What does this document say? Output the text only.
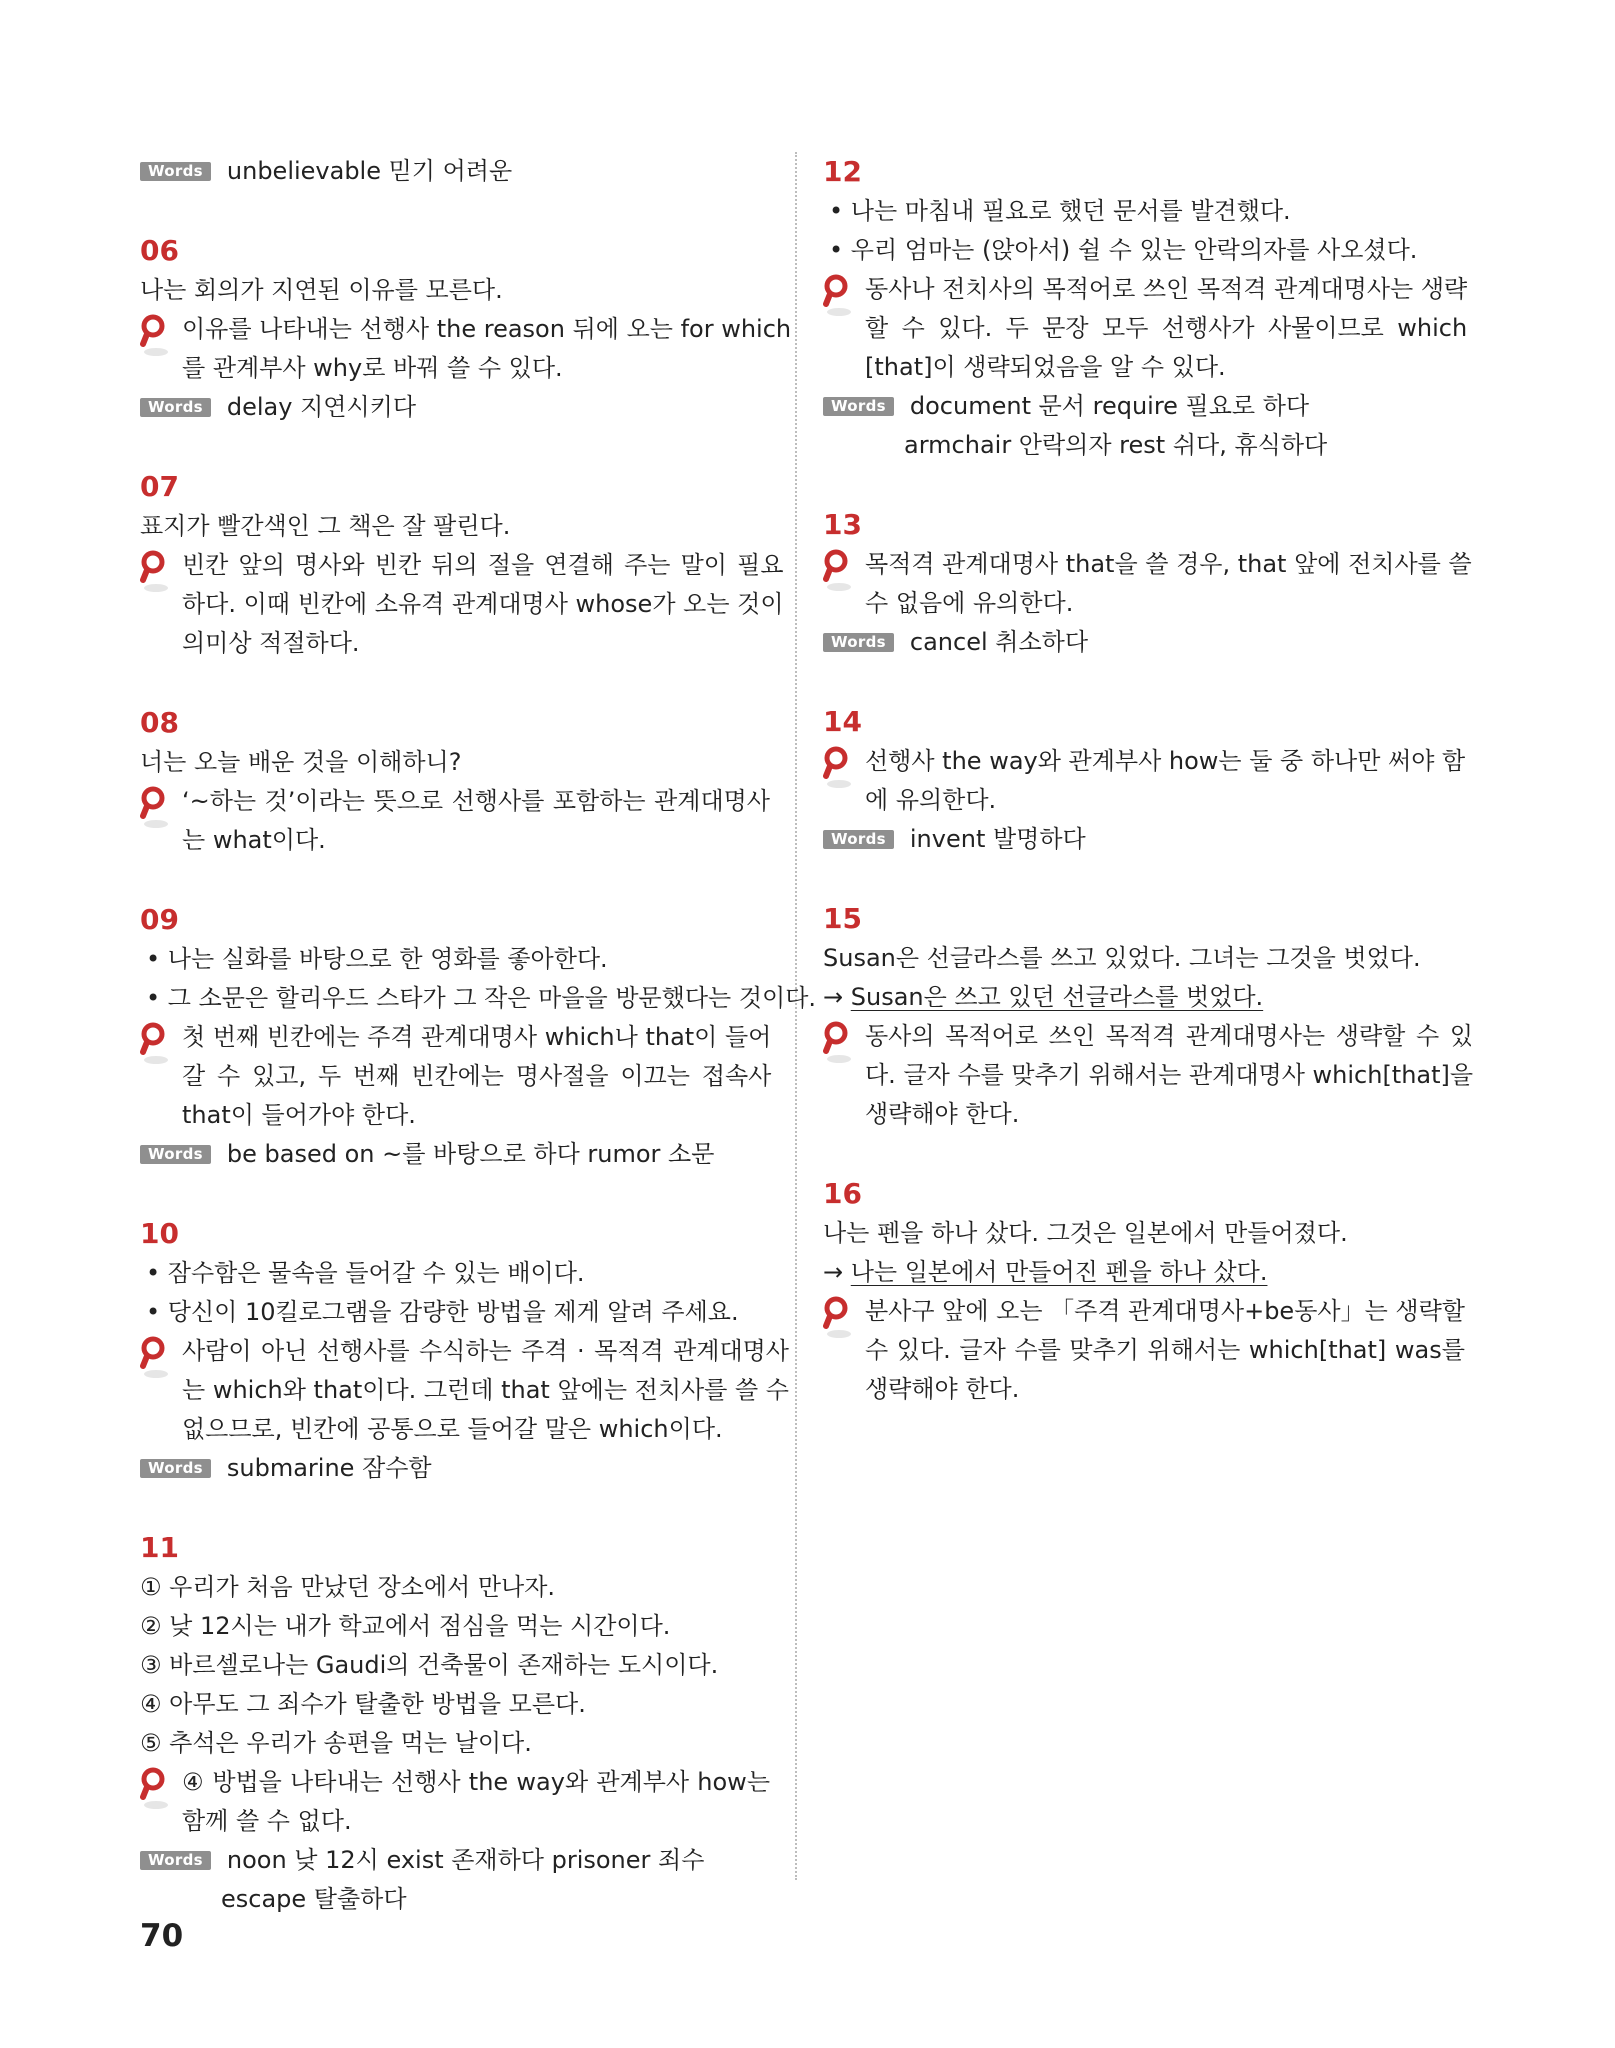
Words	unbelievable 믿기 어려운
06
나는 회의가 지연된 이유를 모른다.
이유를 나타내는 선행사 the reason 뒤에 오는 for which
를 관계부사 why로 바꿔 쓸 수 있다.
Words	delay 지연시키다
07
표지가 빨간색인 그 책은 잘 팔린다.
빈칸 앞의 명사와 빈칸 뒤의 절을 연결해 주는 말이 필요
하다. 이때 빈칸에 소유격 관계대명사 whose가 오는 것이
의미상 적절하다.
08
너는 오늘 배운 것을 이해하니?
‘~하는 것’이라는 뜻으로 선행사를 포함하는 관계대명사
는 what이다.
09
• 나는 실화를 바탕으로 한 영화를 좋아한다.
• 그 소문은 할리우드 스타가 그 작은 마을을 방문했다는 것이다.
첫 번째 빈칸에는 주격 관계대명사 which나 that이 들어
갈 수 있고, 두 번째 빈칸에는 명사절을 이끄는 접속사
that이 들어가야 한다.
Words	be based on ~를 바탕으로 하다 rumor 소문
10
• 잠수함은 물속을 들어갈 수 있는 배이다.
• 당신이 10킬로그램을 감량한 방법을 제게 알려 주세요.
사람이 아닌 선행사를 수식하는 주격 · 목적격 관계대명사
는 which와 that이다. 그런데 that 앞에는 전치사를 쓸 수
없으므로, 빈칸에 공통으로 들어갈 말은 which이다.
Words	submarine 잠수함
11
① 우리가 처음 만났던 장소에서 만나자.
② 낮 12시는 내가 학교에서 점심을 먹는 시간이다.
③ 바르셀로나는 Gaudi의 건축물이 존재하는 도시이다.
④ 아무도 그 죄수가 탈출한 방법을 모른다.
⑤ 추석은 우리가 송편을 먹는 날이다.
④ 방법을 나타내는 선행사 the way와 관계부사 how는
함께 쓸 수 없다.
Words	noon 낮 12시 exist 존재하다 prisoner 죄수
escape 탈출하다
12
• 나는 마침내 필요로 했던 문서를 발견했다.
• 우리 엄마는 (앉아서) 쉴 수 있는 안락의자를 사오셨다.
동사나 전치사의 목적어로 쓰인 목적격 관계대명사는 생략
할 수 있다. 두 문장 모두 선행사가 사물이므로 which
[that]이 생략되었음을 알 수 있다.
Words	document 문서 require 필요로 하다
armchair 안락의자 rest 쉬다, 휴식하다
13
목적격 관계대명사 that을 쓸 경우, that 앞에 전치사를 쓸
수 없음에 유의한다.
Words	cancel 취소하다
14
선행사 the way와 관계부사 how는 둘 중 하나만 써야 함
에 유의한다.
Words	invent 발명하다
15
Susan은 선글라스를 쓰고 있었다. 그녀는 그것을 벗었다.
→ Susan은 쓰고 있던 선글라스를 벗었다.
동사의 목적어로 쓰인 목적격 관계대명사는 생략할 수 있
다. 글자 수를 맞추기 위해서는 관계대명사 which[that]을
생략해야 한다.
16
나는 펜을 하나 샀다. 그것은 일본에서 만들어졌다.
→ 나는 일본에서 만들어진 펜을 하나 샀다.
분사구 앞에 오는 「주격 관계대명사+be동사」는 생략할
수 있다. 글자 수를 맞추기 위해서는 which[that] was를
생략해야 한다.
70
